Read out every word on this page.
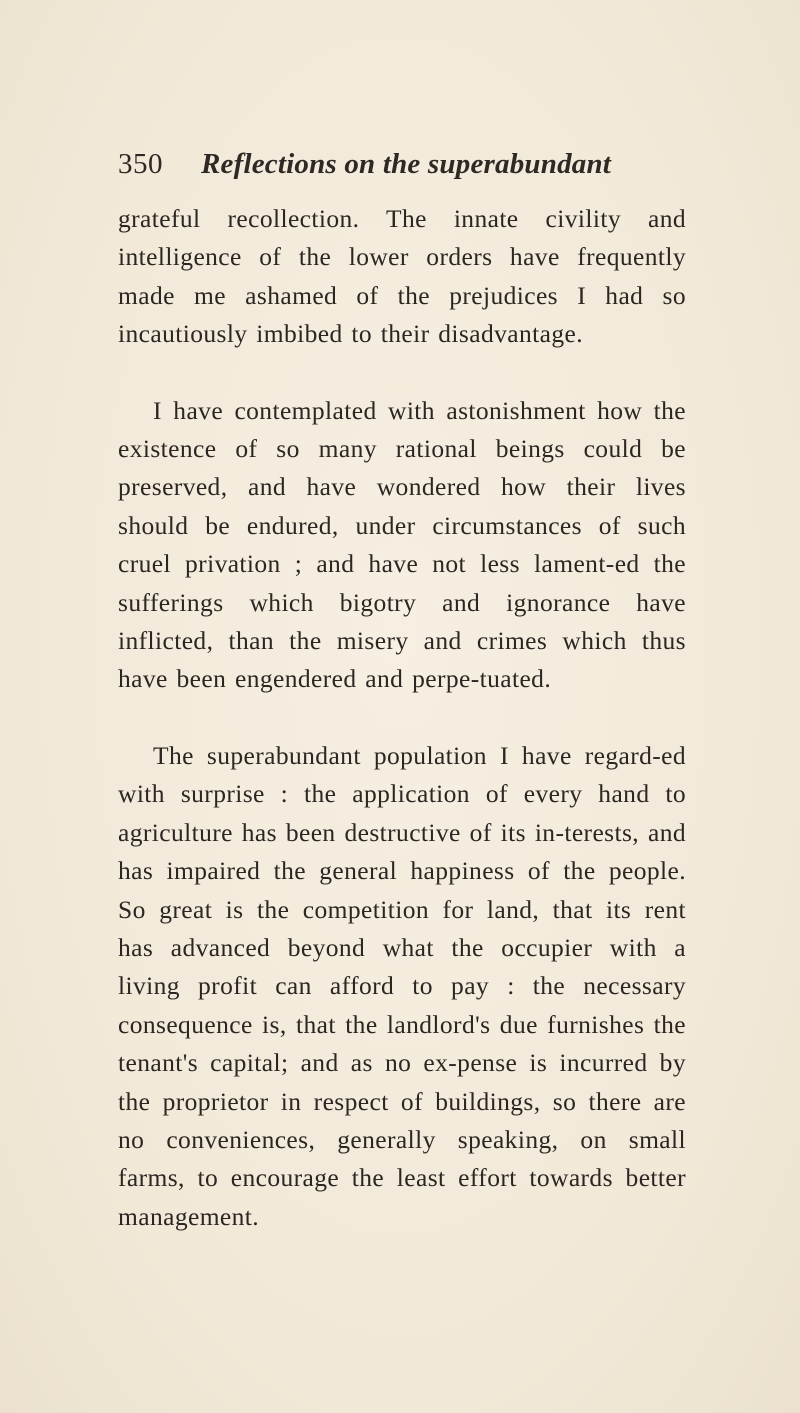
350 Reflections on the superabundant

grateful recollection. The innate civility and intelligence of the lower orders have frequently made me ashamed of the prejudices I had so incautiously imbibed to their disadvantage.

I have contemplated with astonishment how the existence of so many rational beings could be preserved, and have wondered how their lives should be endured, under circumstances of such cruel privation ; and have not less lament-ed the sufferings which bigotry and ignorance have inflicted, than the misery and crimes which thus have been engendered and perpe-tuated.

The superabundant population I have regard-ed with surprise : the application of every hand to agriculture has been destructive of its in-terests, and has impaired the general happiness of the people. So great is the competition for land, that its rent has advanced beyond what the occupier with a living profit can afford to pay : the necessary consequence is, that the landlord's due furnishes the tenant's capital; and as no ex-pense is incurred by the proprietor in respect of buildings, so there are no conveniences, generally speaking, on small farms, to encourage the least effort towards better management.
